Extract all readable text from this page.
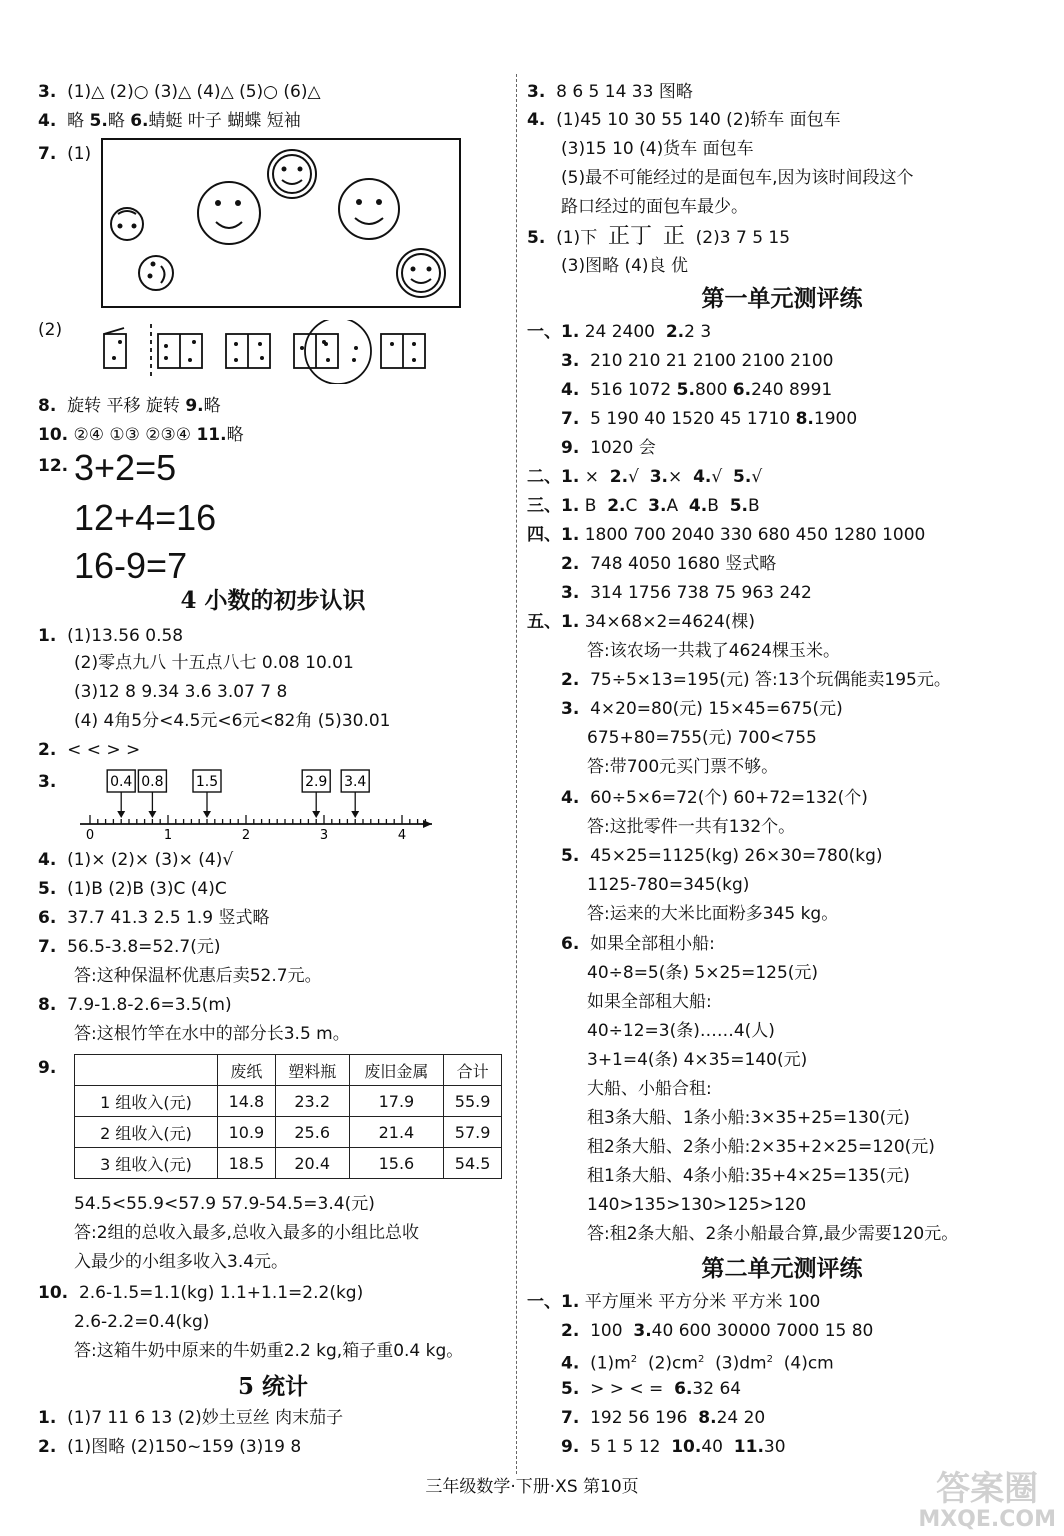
3. (1)△ (2)○ (3)△ (4)△ (5)○ (6)△
4. 略 5.略 6.蜻蜓 叶子 蝴蝶 短袖
7. (1)
(2)
8. 旋转 平移 旋转 9.略
10. ②④ ①③ ②③④ 11.略
12. 3+2=5
12+4=16
16-9=7
4 小数的初步认识
1. (1)13.56 0.58
(2)零点九八 十五点八七 0.08 10.01
(3)12 8 9.34 3.6 3.07 7 8
(4) 4角5分<4.5元<6元<82角 (5)30.01
2. < < > >
3.
0	1	2	3	4
0.4 0.8 1.5	2.9 3.4
4. (1)× (2)× (3)× (4)√
5. (1)B (2)B (3)C (4)C
6. 37.7 41.3 2.5 1.9 竖式略
7. 56.5-3.8=52.7(元)
答:这种保温杯优惠后卖52.7元。
8. 7.9-1.8-2.6=3.5(m)
答:这根竹竿在水中的部分长3.5 m。
9.
		废纸	塑料瓶	废旧金属	合计
1 组收入(元)	14.8	23.2	17.9	55.9
2 组收入(元)	10.9	25.6	21.4	57.9
3 组收入(元)	18.5	20.4	15.6	54.5
54.5<55.9<57.9 57.9-54.5=3.4(元)
答:2组的总收入最多,总收入最多的小组比总收
入最少的小组多收入3.4元。
10. 2.6-1.5=1.1(kg) 1.1+1.1=2.2(kg)
2.6-2.2=0.4(kg)
答:这箱牛奶中原来的牛奶重2.2 kg,箱子重0.4 kg。
5 统计
1. (1)7 11 6 13 (2)妙土豆丝 肉末茄子
2. (1)图略 (2)150~159 (3)19 8
3. 8 6 5 14 33 图略
4. (1)45 10 30 55 140 (2)轿车 面包车
(3)15 10 (4)货车 面包车
(5)最不可能经过的是面包车,因为该时间段这个
路口经过的面包车最少。
5. (1)下 正丁 正 (2)3 7 5 15
(3)图略 (4)良 优
第一单元测评练
一、1. 24 2400 2.2 3
3. 210 210 21 2100 2100 2100
4. 516 1072 5.800 6.240 8991
7. 5 190 40 1520 45 1710 8.1900
9. 1020 会
二、1. × 2.√ 3.× 4.√ 5.√
三、1. B 2.C 3.A 4.B 5.B
四、1. 1800 700 2040 330 680 450 1280 1000
2. 748 4050 1680 竖式略
3. 314 1756 738 75 963 242
五、1. 34×68×2=4624(棵)
答:该农场一共栽了4624棵玉米。
2. 75÷5×13=195(元) 答:13个玩偶能卖195元。
3. 4×20=80(元) 15×45=675(元)
675+80=755(元) 700<755
答:带700元买门票不够。
4. 60÷5×6=72(个) 60+72=132(个)
答:这批零件一共有132个。
5. 45×25=1125(kg) 26×30=780(kg)
1125-780=345(kg)
答:运来的大米比面粉多345 kg。
6. 如果全部租小船:
40÷8=5(条) 5×25=125(元)
如果全部租大船:
40÷12=3(条)……4(人)
3+1=4(条) 4×35=140(元)
大船、小船合租:
租3条大船、1条小船:3×35+25=130(元)
租2条大船、2条小船:2×35+2×25=120(元)
租1条大船、4条小船:35+4×25=135(元)
140>135>130>125>120
答:租2条大船、2条小船最合算,最少需要120元。
第二单元测评练
一、1. 平方厘米 平方分米 平方米 100
2. 100 3.40 600 30000 7000 15 80
4. $(1)m^2$ $(2)cm^2$ $(3)dm^2$ (4)cm
5. > > < = 6.32 64
7. 192 56 196 8.24 20
9. 5 1 5 12 10.40 11.30
三年级数学·下册·XS 第10页	答案圈
MXQE.COM
